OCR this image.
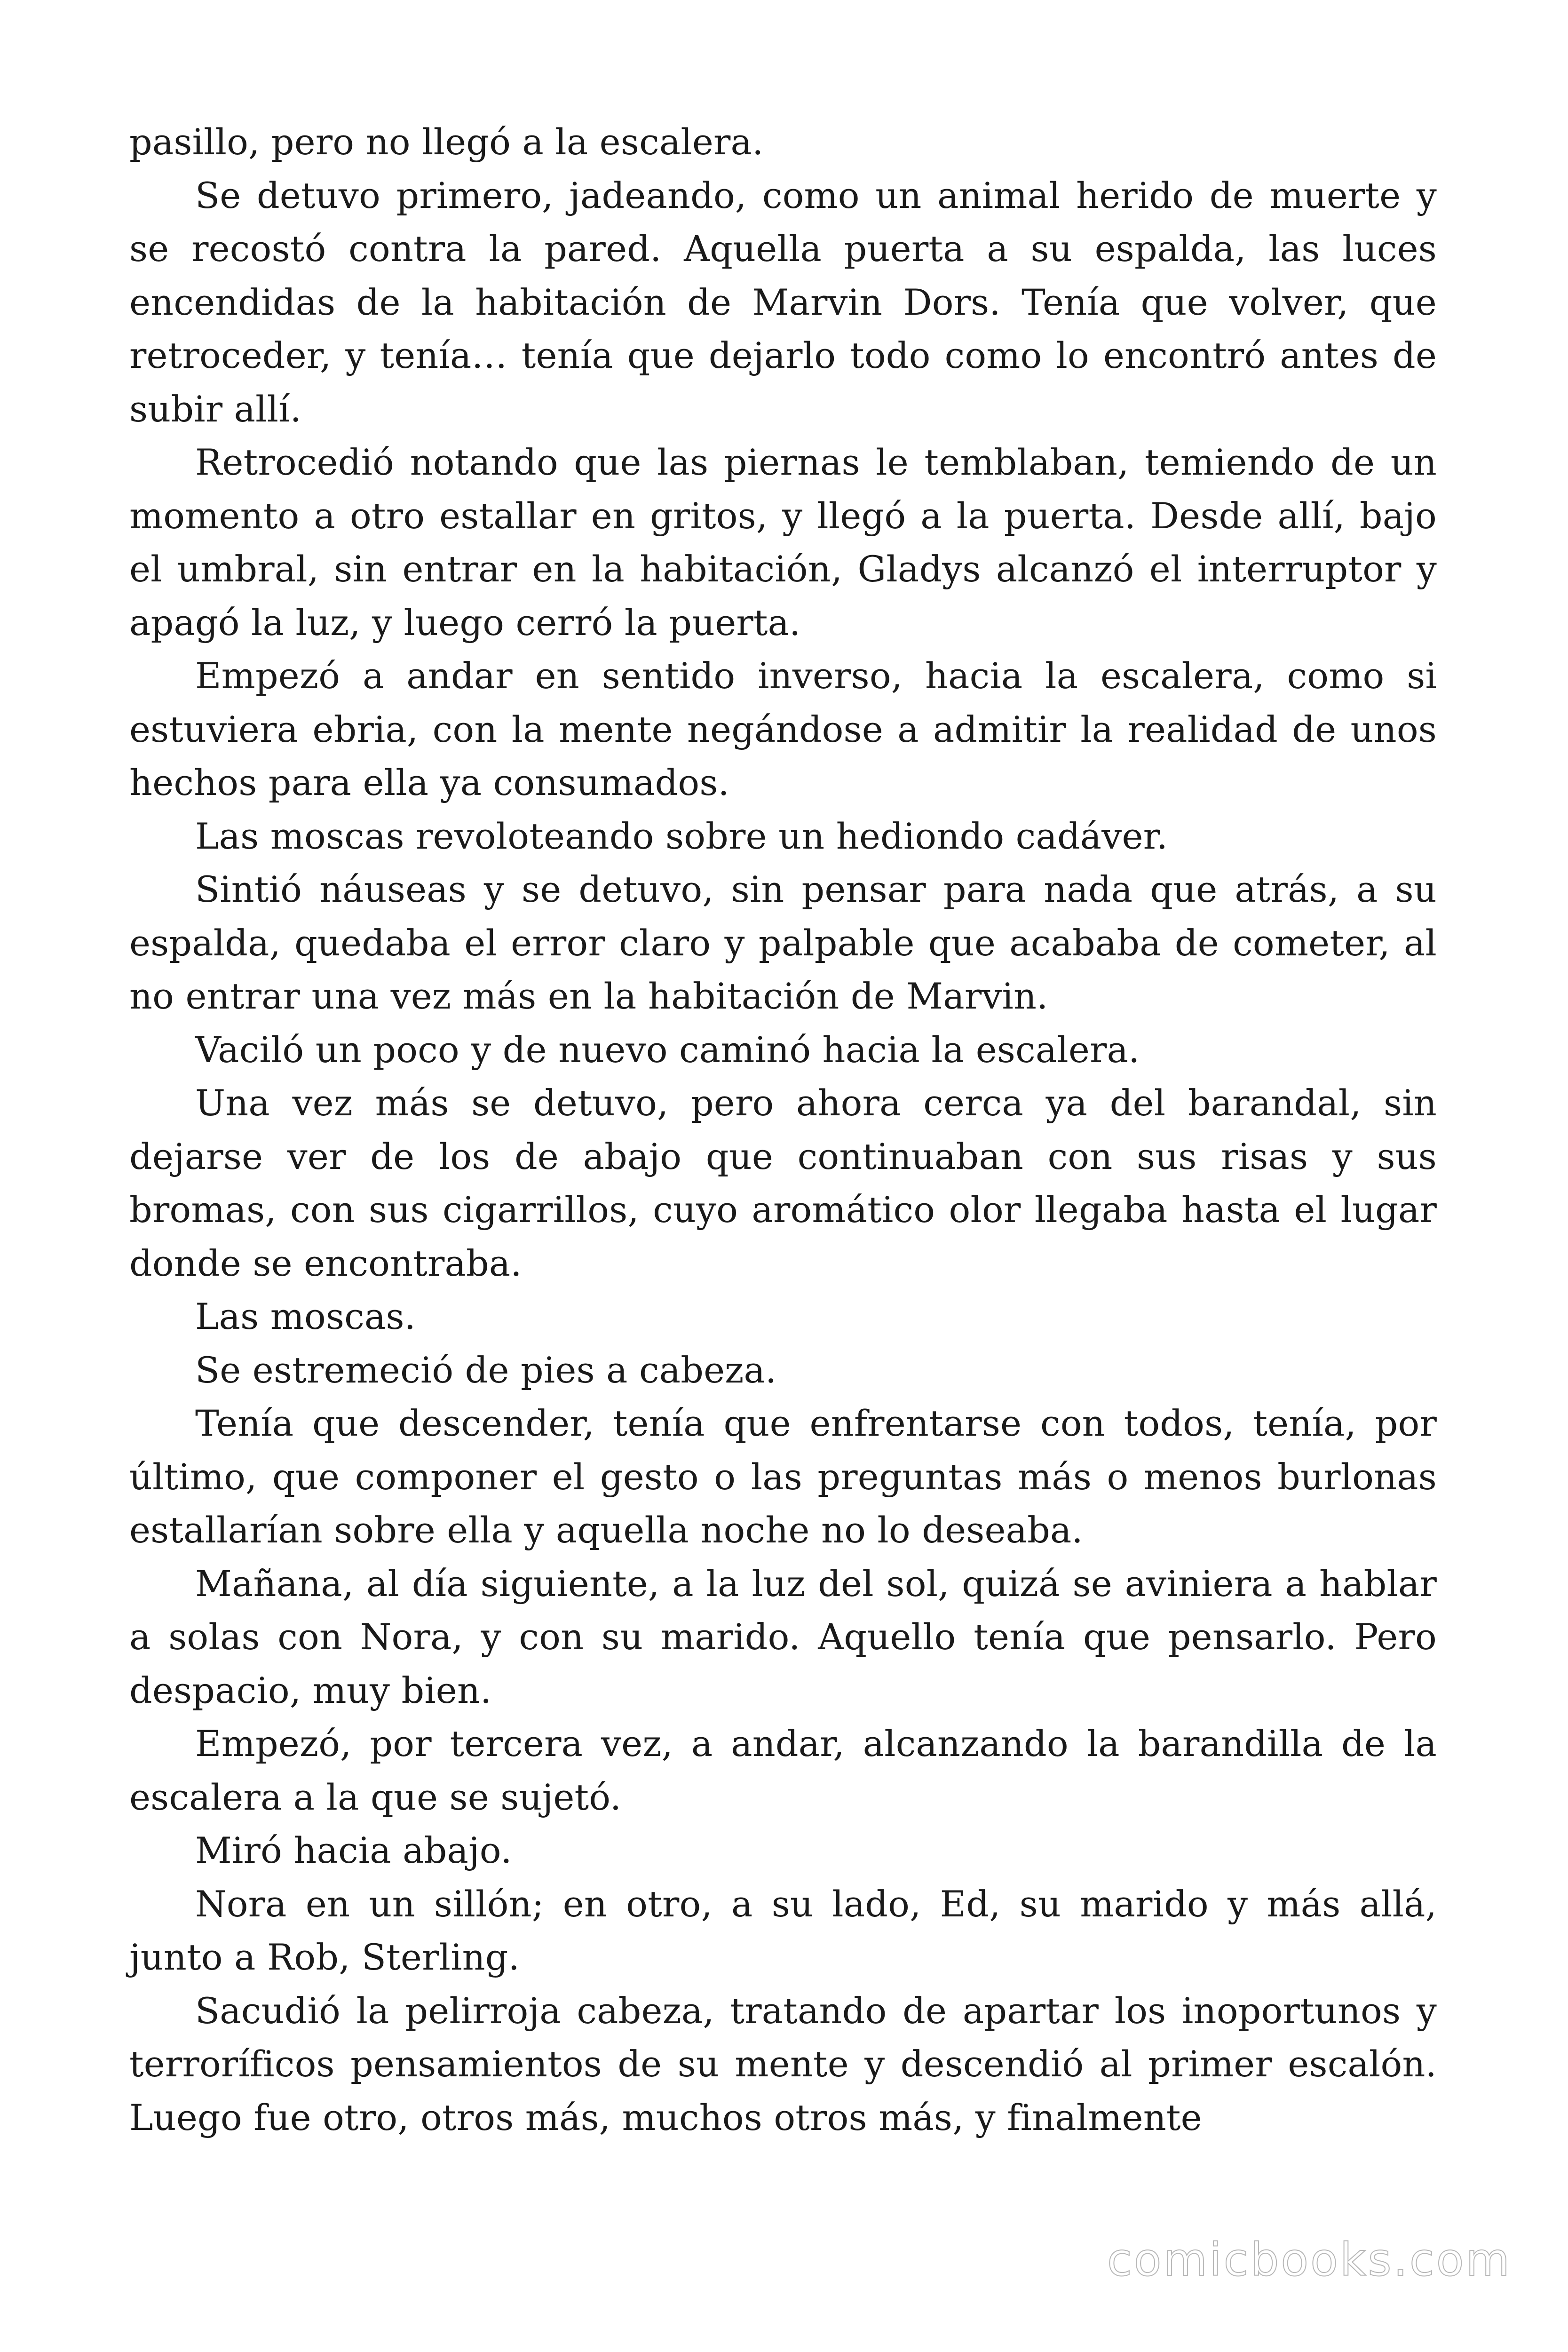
pasillo, pero no llegó a la escalera.

Se detuvo primero, jadeando, como un animal herido de muerte y se recostó contra la pared. Aquella puerta a su espalda, las luces encendidas de la habitación de Marvin Dors. Tenía que volver, que retroceder, y tenía… tenía que dejarlo todo como lo encontró antes de subir allí.

Retrocedió notando que las piernas le temblaban, temiendo de un momento a otro estallar en gritos, y llegó a la puerta. Desde allí, bajo el umbral, sin entrar en la habitación, Gladys alcanzó el interruptor y apagó la luz, y luego cerró la puerta.

Empezó a andar en sentido inverso, hacia la escalera, como si estuviera ebria, con la mente negándose a admitir la realidad de unos hechos para ella ya consumados.

Las moscas revoloteando sobre un hediondo cadáver.

Sintió náuseas y se detuvo, sin pensar para nada que atrás, a su espalda, quedaba el error claro y palpable que acababa de cometer, al no entrar una vez más en la habitación de Marvin.

Vaciló un poco y de nuevo caminó hacia la escalera.

Una vez más se detuvo, pero ahora cerca ya del barandal, sin dejarse ver de los de abajo que continuaban con sus risas y sus bromas, con sus cigarrillos, cuyo aromático olor llegaba hasta el lugar donde se encontraba.

Las moscas.

Se estremeció de pies a cabeza.

Tenía que descender, tenía que enfrentarse con todos, tenía, por último, que componer el gesto o las preguntas más o menos burlonas estallarían sobre ella y aquella noche no lo deseaba.

Mañana, al día siguiente, a la luz del sol, quizá se aviniera a hablar a solas con Nora, y con su marido. Aquello tenía que pensarlo. Pero despacio, muy bien.

Empezó, por tercera vez, a andar, alcanzando la barandilla de la escalera a la que se sujetó.

Miró hacia abajo.

Nora en un sillón; en otro, a su lado, Ed, su marido y más allá, junto a Rob, Sterling.

Sacudió la pelirroja cabeza, tratando de apartar los inoportunos y terroríficos pensamientos de su mente y descendió al primer escalón. Luego fue otro, otros más, muchos otros más, y finalmente

comicbooks.com
